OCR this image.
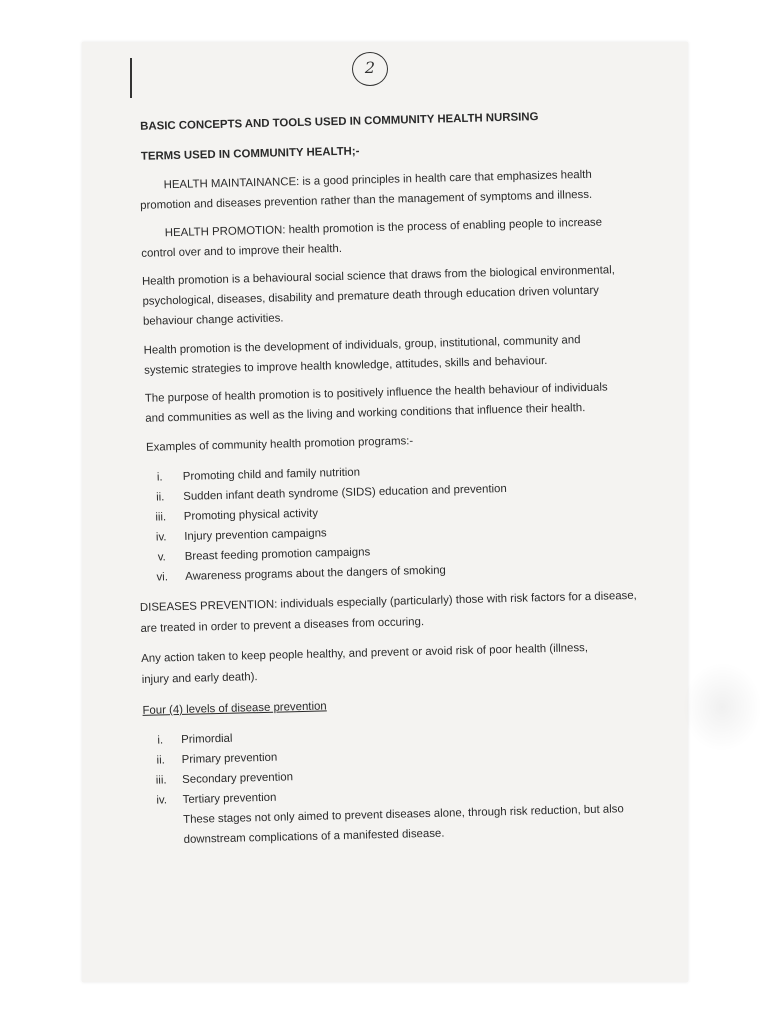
2
BASIC CONCEPTS AND TOOLS USED IN COMMUNITY HEALTH NURSING
TERMS USED IN COMMUNITY HEALTH;-
HEALTH MAINTAINANCE: is a good principles in health care that emphasizes health
promotion and diseases prevention rather than the management of symptoms and illness.
HEALTH PROMOTION: health promotion is the process of enabling people to increase
control over and to improve their health.
Health promotion is a behavioural social science that draws from the biological environmental,
psychological, diseases, disability and premature death through education driven voluntary
behaviour change activities.
Health promotion is the development of individuals, group, institutional, community and
systemic strategies to improve health knowledge, attitudes, skills and behaviour.
The purpose of health promotion is to positively influence the health behaviour of individuals
and communities as well as the living and working conditions that influence their health.
Examples of community health promotion programs:-
i.	Promoting child and family nutrition
ii.	Sudden infant death syndrome (SIDS) education and prevention
iii.	Promoting physical activity
iv.	Injury prevention campaigns
v.	Breast feeding promotion campaigns
vi.	Awareness programs about the dangers of smoking
DISEASES PREVENTION: individuals especially (particularly) those with risk factors for a disease,
are treated in order to prevent a diseases from occuring.
Any action taken to keep people healthy, and prevent or avoid risk of poor health (illness,
injury and early death).
Four (4) levels of disease prevention
i.	Primordial
ii.	Primary prevention
iii.	Secondary prevention
iv.	Tertiary prevention
These stages not only aimed to prevent diseases alone, through risk reduction, but also
downstream complications of a manifested disease.
